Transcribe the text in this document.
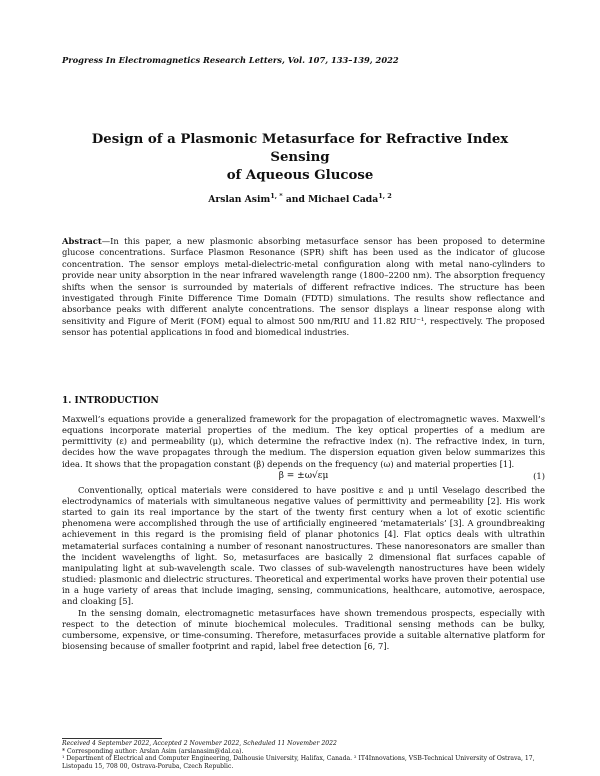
Progress In Electromagnetics Research Letters, Vol. 107, 133–139, 2022
Design of a Plasmonic Metasurface for Refractive Index Sensing
of Aqueous Glucose
Arslan Asim$^{1, *}$ and Michael Cada$^{1, 2}$
Abstract—In this paper, a new plasmonic absorbing metasurface sensor has been proposed to determine glucose concentrations. Surface Plasmon Resonance (SPR) shift has been used as the indicator of glucose concentration. The sensor employs metal-dielectric-metal configuration along with metal nano-cylinders to provide near unity absorption in the near infrared wavelength range (1800–2200 nm). The absorption frequency shifts when the sensor is surrounded by materials of different refractive indices. The structure has been investigated through Finite Difference Time Domain (FDTD) simulations. The results show reflectance and absorbance peaks with different analyte concentrations. The sensor displays a linear response along with sensitivity and Figure of Merit (FOM) equal to almost 500 nm/RIU and 11.82 RIU⁻¹, respectively. The proposed sensor has potential applications in food and biomedical industries.
1. INTRODUCTION

Maxwell’s equations provide a generalized framework for the propagation of electromagnetic waves. Maxwell’s equations incorporate material properties of the medium. The key optical properties of a medium are permittivity (ε) and permeability (μ), which determine the refractive index (n). The refractive index, in turn, decides how the wave propagates through the medium. The dispersion equation given below summarizes this idea. It shows that the propagation constant (β) depends on the frequency (ω) and material properties [1].

β = ±ω√εμ	(1)

Conventionally, optical materials were considered to have positive ε and μ until Veselago described the electrodynamics of materials with simultaneous negative values of permittivity and permeability [2]. His work started to gain its real importance by the start of the twenty first century when a lot of exotic scientific phenomena were accomplished through the use of artificially engineered ‘metamaterials’ [3]. A groundbreaking achievement in this regard is the promising field of planar photonics [4]. Flat optics deals with ultrathin metamaterial surfaces containing a number of resonant nanostructures. These nanoresonators are smaller than the incident wavelengths of light. So, metasurfaces are basically 2 dimensional flat surfaces capable of manipulating light at sub-wavelength scale. Two classes of sub-wavelength nanostructures have been widely studied: plasmonic and dielectric structures. Theoretical and experimental works have proven their potential use in a huge variety of areas that include imaging, sensing, communications, healthcare, automotive, aerospace, and cloaking [5].

In the sensing domain, electromagnetic metasurfaces have shown tremendous prospects, especially with respect to the detection of minute biochemical molecules. Traditional sensing methods can be bulky, cumbersome, expensive, or time-consuming. Therefore, metasurfaces provide a suitable alternative platform for biosensing because of smaller footprint and rapid, label free detection [6, 7].

Received 4 September 2022, Accepted 2 November 2022, Scheduled 11 November 2022

* Corresponding author: Arslan Asim (arslanasim@dal.ca).

¹ Department of Electrical and Computer Engineering, Dalhousie University, Halifax, Canada. ² IT4Innovations, VSB-Technical University of Ostrava, 17, Listopadu 15, 708 00, Ostrava-Poruba, Czech Republic.
